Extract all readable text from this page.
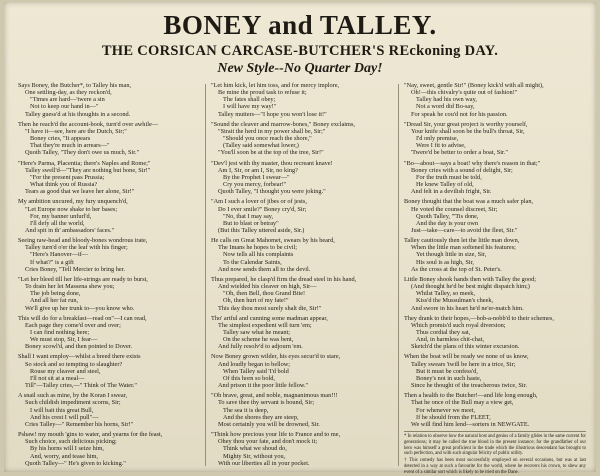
BONEY and TALLEY.
THE CORSICAN CARCASE-BUTCHER'S REckoning DAY.
New Style--No Quarter Day!
Says Boney, the Butcher*, to Talley his man,
One settling-day, as they reckon'd,
"Times are hard—'twere a sin
Not to keep our hand in—"
Talley guess'd at his thoughts in a second.
Then he reach'd the account-book, turn'd over awhile—
"I have it—see, here are the Dutch, Sir;"
Boney cries, "It appears
That they're much in arrears—"
Quoth Talley, "They don't owe us much, Sir."
"Here's Parma, Placentia; there's Naples and Rome;"
Talley swell'd—"They are nothing but bone, Sir!"
"For the present pass Prussia;
What think you of Russia?
Tears as good that we leave her alone, Sir!"
My ambition uncured, my fury unquench'd,
"Let Europe now shake to her bases;
For, my banner unfurl'd,
I'll defy all the world,
And spit in th' ambassadors' faces."
Seeing raw-head and bloody-bones wondrous irate,
Talley turn'd o'er the leaf with his finger;
"Here's Hanover—if—
If what?" is a gift
Cries Boney, "Tell Mercier to bring her.
"Let her bleed till her life-strings are ready to burst,
To drain her let Massena shew you;
The job being done,
And all her fat run,
We'll give up her trunk to—you know who.
This will do for a breakfast—read on"—I can read,
Each page they come'd over and over;
I can find nothing here;
We must stop, Sir, I fear—
Boney scowl'd, and then pointed to Dover.
Shall I want employ—whilst a breed there exists
So stock and so tempting to slaughter?
Rouse my cleaver and steel,
I'll not sit at a meal—
Till"—Talley cries,—" Think of The Water."
A snail such as mine, by the Koran I swear,
Such childish impediment scorns, Sir;
I will bait this great Bull,
And his crest I will pull"—
Cries Talley—" Remember his horns, Sir!"
Pshaw! my mouth 'gins to water, and yearns for the feast,
Such choice, such delicious picking;
By his horns will I seize him,
And, worry, and tease him,
Quoth Talley—" He's given to kicking."
"Let him kick, let him toss, and for mercy implore,
Be mine the proud task to refuse it;
The fates shall obey;
I will have my way!"
Talley mutters—"I hope you won't lose it!"
"Sound the cleaver and marrow-bones," Boney exclaims,
"Strait the herd in my power shall be, Sir;"
"Should you once reach the shore,"
(Talley said somewhat lower,)
"You'll soon be at the top of the tree, Sir!"
"Dev'l jest with thy master, thou recreant knave!
Am I, Sir, or am I, Sir, no king?
By the Prophet I swear—"
Cry you mercy, forbear!"
Quoth Talley, "I thought you were joking."
"Am I such a lover of jibes or of jests,
Do I ever smile?" Boney cry'd, Sir;
"No, that I may say,
But to blast or betray"
(But this Talley uttered aside, Sir.)
He calls on Great Mahomet, swears by his beard,
The Imans he hopes to be civil;
Now tells all his complaints
To the Calendar Saints,
And now sends them all to the devil.
Thus prepared, he clasp'd firm the dread steel in his hand,
And wielded his cleaver on high, Sir—
"Oh, then Bell, thou Grand Bite!
Oh, then hurt of my fate!"
This day thou most surely shalt die, Sir!"
Tho' artful and cunning some madman appear,
The simplest expedient will turn 'em;
Talley saw what he meant;
On the scheme he was bent,
And fully resolv'd to adjourn 'em.
Now Boney grown wilder, his eyes secur'd to stare,
And loudly began to bellow;
When Talley said 'I'd bold
Of this horn so bold,
And prison it the poor little fellow."
"Oh brave, great, and noble, magnanimous man!!!
To save thee thy servant is bound, Sir;
The sea it is deep,
And the shores they are steep,
Most certainly you will be drowned, Sir.
"Think how precious your life to France and to me,
Ohey thou your fate, and don't mock it;
Think what we shoud do,
Mighty Sir, without you,
With our liberties all in your pocket.
"Nay, sweet, gentle Sir!" (Boney kick'd with all might),
Oh!—this chivalry's quite out of fashion!"
Talley had his own way,
Not a word did Bo-say,
For speak he cou'd not for his passion.
"Dread Sir, your great project is worthy yourself,
Your knife shall soon be the bull's throat, Sir,
I'd only premise,
Were I fit to advise,
'Twere'd be better to order a boat, Sir."
"Bo—about—says a boat! why there's reason in that;"
Boney cries with a sound of delight, Sir;
For the truth must be told,
He knew Talley of old,
And felt in a devilish fright, Sir.
Boney thought that the boat was a much safer plan,
He voted the counsel discreet, Sir;
Quoth Talley, "'Tis done,
And the day is your own
Just—take—care—to avoid the fleet, Sir."
Talley cautiously then let the little man down,
When the little man softened his features;
Yet though little in size, Sir,
His soul is as high, Sir,
As the cross at the top of St. Peter's.
Little Boney shook hands then with Talley the good;
(And thought he'd be best might dispatch him;)
Whilst Talley, so meek,
Kiss'd the Mussulman's cheek,
And swore in his heart he'd ne'er-match him.
They drank to their hopes,—bob-a-nobb'd to their schemes,
Which promis'd such royal diversion;
Thus cordial they sat,
And, in harmless chit-chat,
Sketch'd the plans of this winter excursion.
When the boat will be ready we none of us know,
Talley swears 'twill be here in a trice, Sir;
But it must be confess'd,
Boney's not in such haste,
Since he thought of the treacherous twice, Sir.
Then a health to the Butcher!—and life long enough,
That he once of the Bull may a view get,
For whenever we meet,
If he should from the FLEET,
We will find him lend—sorters in NEWGATE.
* In relation to observe how the natural host and genius of a family glides in the same current for generations; it may be called the true blood in the present instance; for the grandfather of our hero was himself a great proficient in the trade which the illustrious descendant has brought to such perfection, and with such singular felicity of public utility.
† This comedy has been most successfully employed on several occasions, but was at last detected in a way at such a favourite for the world, where he recovers his crown, to shew any event of a similar sort which is likely to be tried on the Dane.
